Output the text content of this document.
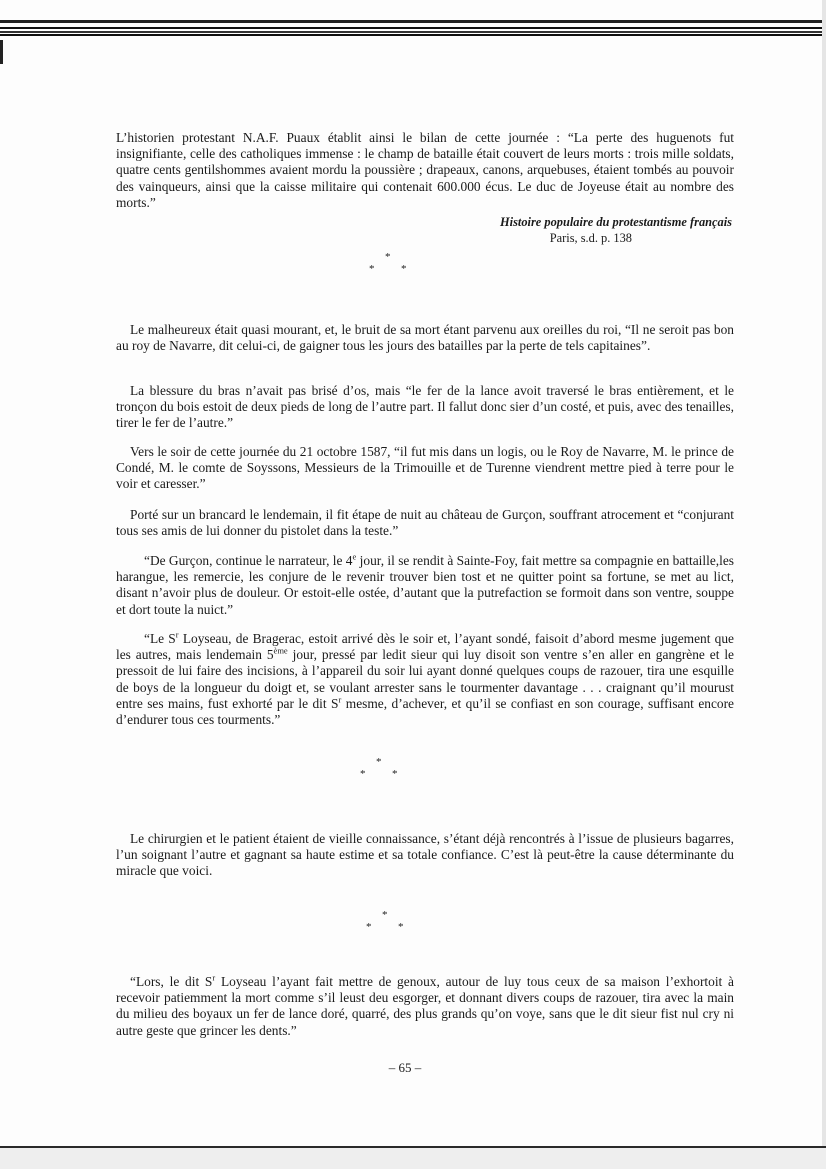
L’historien protestant N.A.F. Puaux établit ainsi le bilan de cette journée : “La perte des huguenots fut insignifiante, celle des catholiques immense : le champ de bataille était couvert de leurs morts : trois mille soldats, quatre cents gentilshommes avaient mordu la poussière ; drapeaux, canons, arquebuses, étaient tombés au pouvoir des vainqueurs, ainsi que la caisse militaire qui contenait 600.000 écus. Le duc de Joyeuse était au nombre des morts.”

Histoire populaire du protestantisme français
Paris, s.d. p. 138

*
* *

Le malheureux était quasi mourant, et, le bruit de sa mort étant parvenu aux oreilles du roi, “Il ne seroit pas bon au roy de Navarre, dit celui-ci, de gaigner tous les jours des batailles par la perte de tels capitaines”.

La blessure du bras n’avait pas brisé d’os, mais “le fer de la lance avoit traversé le bras entièrement, et le tronçon du bois estoit de deux pieds de long de l’autre part. Il fallut donc sier d’un costé, et puis, avec des tenailles, tirer le fer de l’autre.”

Vers le soir de cette journée du 21 octobre 1587, “il fut mis dans un logis, ou le Roy de Navarre, M. le prince de Condé, M. le comte de Soyssons, Messieurs de la Trimouille et de Turenne viendrent mettre pied à terre pour le voir et caresser.”

Porté sur un brancard le lendemain, il fit étape de nuit au château de Gurçon, souffrant atrocement et “conjurant tous ses amis de lui donner du pistolet dans la teste.”

“De Gurçon, continue le narrateur, le 4e jour, il se rendit à Sainte-Foy, fait mettre sa compagnie en battaille,les harangue, les remercie, les conjure de le revenir trouver bien tost et ne quitter point sa fortune, se met au lict, disant n’avoir plus de douleur. Or estoit-elle ostée, d’autant que la putrefaction se formoit dans son ventre, souppe et dort toute la nuict.”

“Le $S^r$ Loyseau, de Bragerac, estoit arrivé dès le soir et, l’ayant sondé, faisoit d’abord mesme jugement que les autres, mais lendemain 5ème jour, pressé par ledit sieur qui luy disoit son ventre s’en aller en gangrène et le pressoit de lui faire des incisions, à l’appareil du soir lui ayant donné quelques coups de razouer, tira une esquille de boys de la longueur du doigt et, se voulant arrester sans le tourmenter davantage . . . craignant qu’il mourust entre ses mains, fust exhorté par le dit $S^r$ mesme, d’achever, et qu’il se confiast en son courage, suffisant encore d’endurer tous ces tourments.”

*
* *

Le chirurgien et le patient étaient de vieille connaissance, s’étant déjà rencontrés à l’issue de plusieurs bagarres, l’un soignant l’autre et gagnant sa haute estime et sa totale confiance. C’est là peut-être la cause déterminante du miracle que voici.

*
* *

“Lors, le dit $S^r$ Loyseau l’ayant fait mettre de genoux, autour de luy tous ceux de sa maison l’exhortoit à recevoir patiemment la mort comme s’il leust deu esgorger, et donnant divers coups de razouer, tira avec la main du milieu des boyaux un fer de lance doré, quarré, des plus grands qu’on voye, sans que le dit sieur fist nul cry ni autre geste que grincer les dents.”

– 65 –
